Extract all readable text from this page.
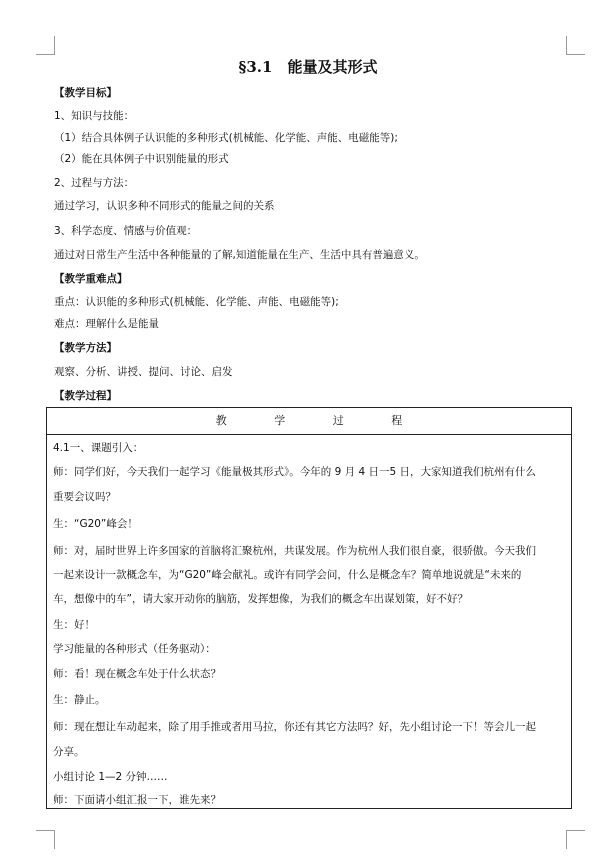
§3.1　能量及其形式
【教学目标】
1、知识与技能：
（1）结合具体例子认识能的多种形式(机械能、化学能、声能、电磁能等);
（2）能在具体例子中识别能量的形式
2、过程与方法：
通过学习，认识多种不同形式的能量之间的关系
3、科学态度、情感与价值观：
通过对日常生产生活中各种能量的了解,知道能量在生产、生活中具有普遍意义。
【教学重难点】
重点：认识能的多种形式(机械能、化学能、声能、电磁能等);
难点：理解什么是能量
【教学方法】
观察、分析、讲授、提问、讨论、启发
【教学过程】
教	学	过	程
4.1一、课题引入：
师：同学们好，今天我们一起学习《能量极其形式》。今年的 9 月 4 日一5 日，大家知道我们杭州有什么
重要会议吗？
生：“G20”峰会！
师：对，届时世界上许多国家的首脑将汇聚杭州，共谋发展。作为杭州人我们很自豪，很骄傲。今天我们
一起来设计一款概念车，为“G20”峰会献礼。或许有同学会问，什么是概念车？简单地说就是“未来的
车，想像中的车”，请大家开动你的脑筋，发挥想像，为我们的概念车出谋划策，好不好？
生：好！
学习能量的各种形式（任务驱动）：
师：看！现在概念车处于什么状态？
生：静止。
师：现在想让车动起来，除了用手推或者用马拉，你还有其它方法吗？好，先小组讨论一下！等会儿一起
分享。
小组讨论 1—2 分钟……
师：下面请小组汇报一下，谁先来？
